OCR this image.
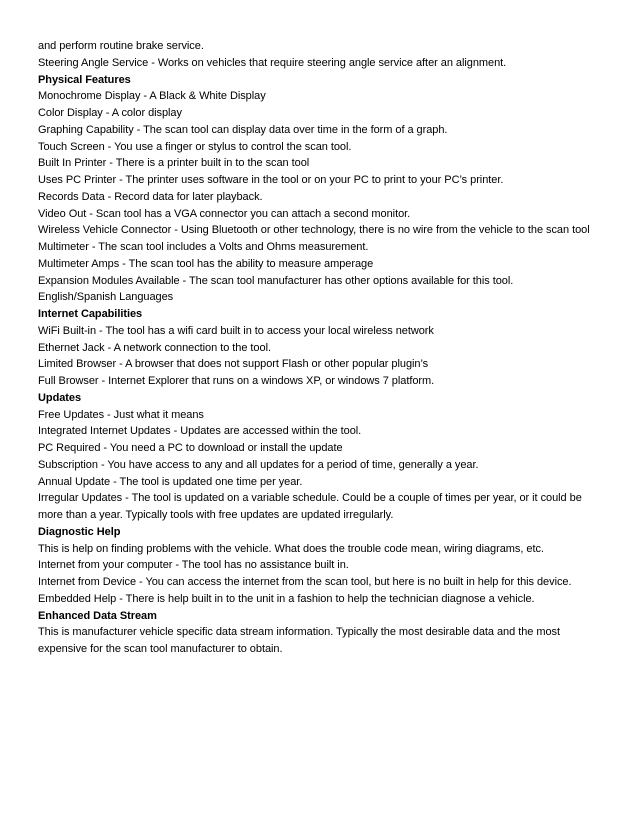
and perform routine brake service.
Steering Angle Service - Works on vehicles that require steering angle service after an alignment.
Physical Features
Monochrome Display - A Black & White Display
Color Display - A color display
Graphing Capability - The scan tool can display data over time in the form of a graph.
Touch Screen - You use a finger or stylus to control the scan tool.
Built In Printer - There is a printer built in to the scan tool
Uses PC Printer - The printer uses software in the tool or on your PC to print to your PC’s printer.
Records Data - Record data for later playback.
Video Out - Scan tool has a VGA connector you can attach a second monitor.
Wireless Vehicle Connector - Using Bluetooth or other technology, there is no wire from the vehicle to the scan tool
Multimeter - The scan tool includes a Volts and Ohms measurement.
Multimeter Amps - The scan tool has the ability to measure amperage
Expansion Modules Available - The scan tool manufacturer has other options available for this tool.
English/Spanish Languages
Internet Capabilities
WiFi Built-in - The tool has a wifi card built in to access your local wireless network
Ethernet Jack - A network connection to the tool.
Limited Browser - A browser that does not support Flash or other popular plugin’s
Full Browser - Internet Explorer that runs on a windows XP, or windows 7 platform.
Updates
Free Updates - Just what it means
Integrated Internet Updates - Updates are accessed within the tool.
PC Required - You need a PC to download or install the update
Subscription - You have access to any and all updates for a period of time, generally a year.
Annual Update - The tool is updated one time per year.
Irregular Updates - The tool is updated on a variable schedule. Could be a couple of times per year, or it could be
more than a year. Typically tools with free updates are updated irregularly.
Diagnostic Help
This is help on finding problems with the vehicle. What does the trouble code mean, wiring diagrams, etc.
Internet from your computer - The tool has no assistance built in.
Internet from Device - You can access the internet from the scan tool, but here is no built in help for this device.
Embedded Help - There is help built in to the unit in a fashion to help the technician diagnose a vehicle.
Enhanced Data Stream
This is manufacturer vehicle specific data stream information. Typically the most desirable data and the most
expensive for the scan tool manufacturer to obtain.
